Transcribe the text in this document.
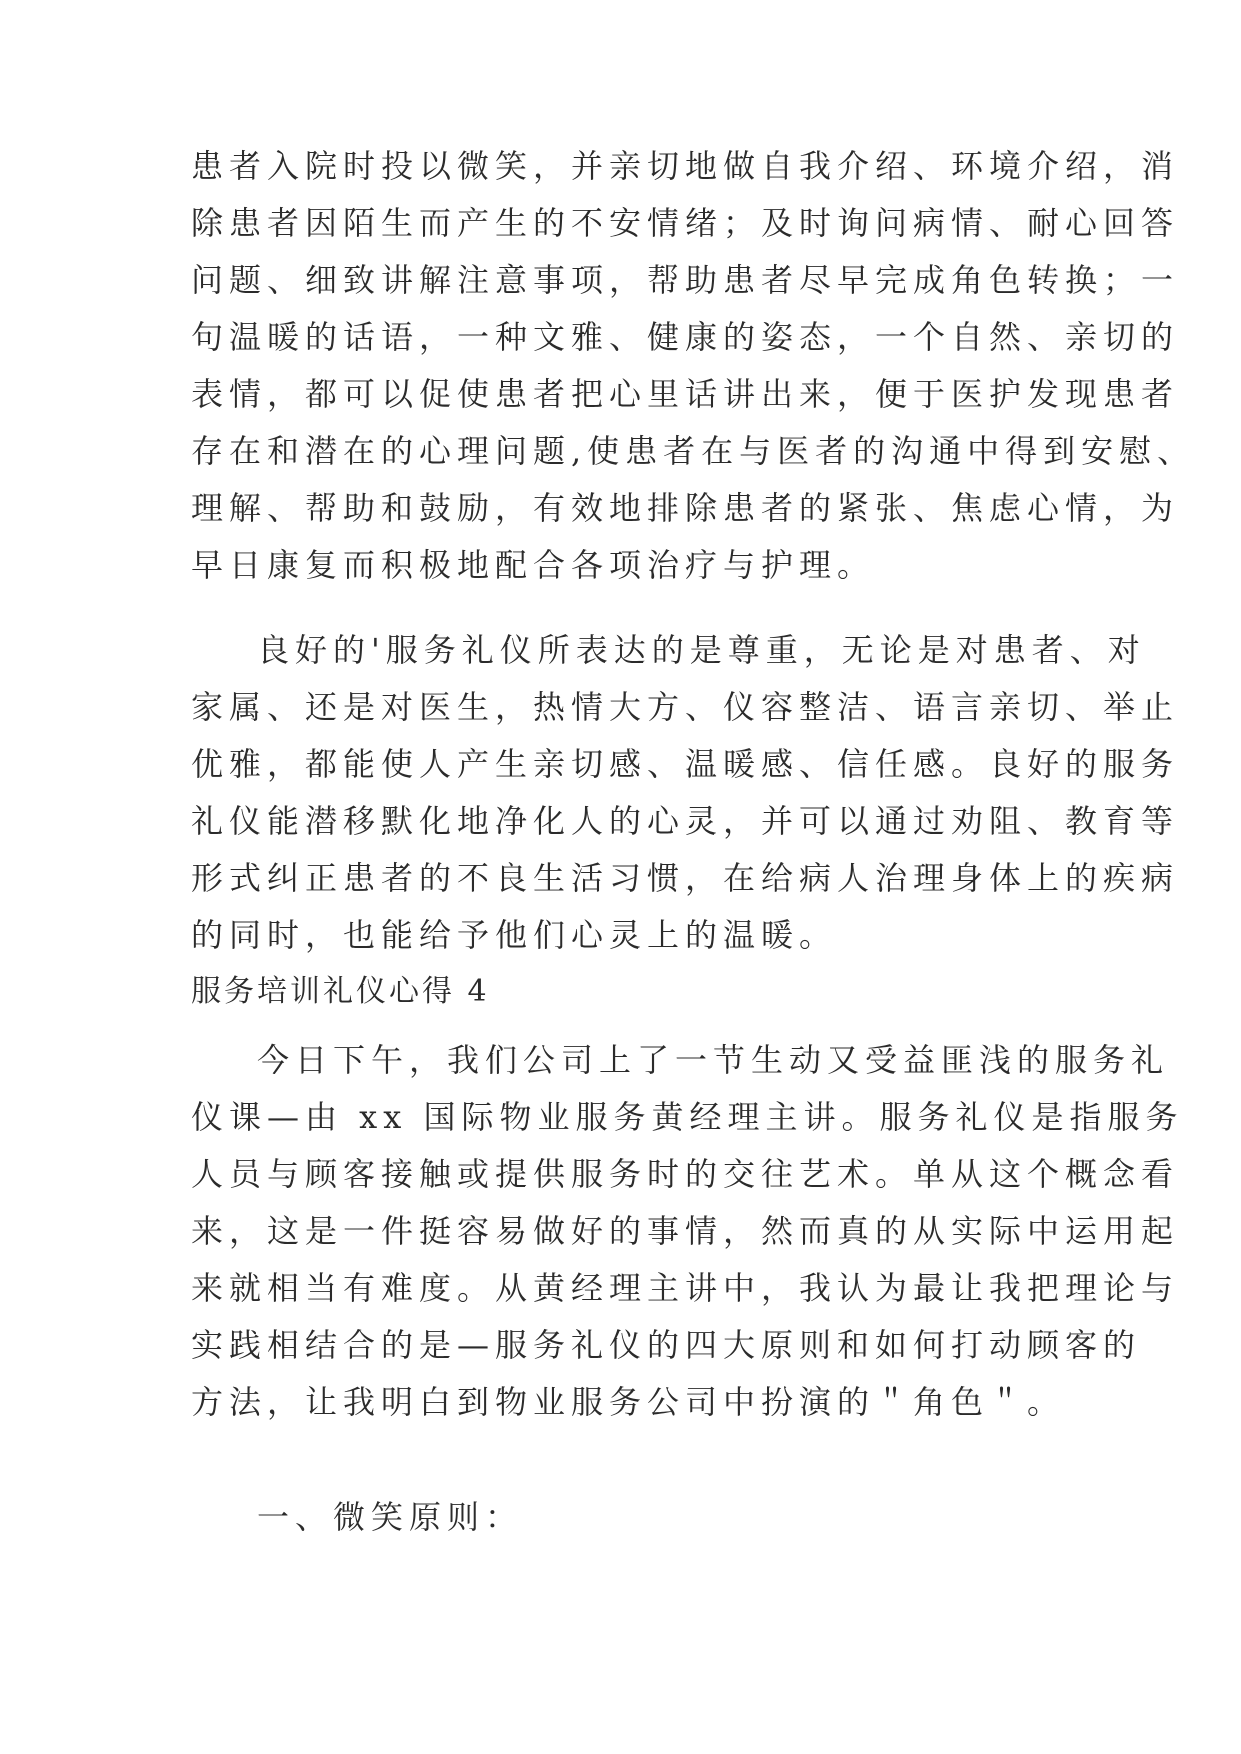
患者入院时投以微笑，并亲切地做自我介绍、环境介绍，消
除患者因陌生而产生的不安情绪；及时询问病情、耐心回答
问题、细致讲解注意事项，帮助患者尽早完成角色转换；一
句温暖的话语，一种文雅、健康的姿态，一个自然、亲切的
表情，都可以促使患者把心里话讲出来，便于医护发现患者
存在和潜在的心理问题,使患者在与医者的沟通中得到安慰、
理解、帮助和鼓励，有效地排除患者的紧张、焦虑心情，为
早日康复而积极地配合各项治疗与护理。
良好的'服务礼仪所表达的是尊重，无论是对患者、对
家属、还是对医生，热情大方、仪容整洁、语言亲切、举止
优雅，都能使人产生亲切感、温暖感、信任感。良好的服务
礼仪能潜移默化地净化人的心灵，并可以通过劝阻、教育等
形式纠正患者的不良生活习惯，在给病人治理身体上的疾病
的同时，也能给予他们心灵上的温暖。
服务培训礼仪心得 4
今日下午，我们公司上了一节生动又受益匪浅的服务礼
仪课—由 xx 国际物业服务黄经理主讲。服务礼仪是指服务
人员与顾客接触或提供服务时的交往艺术。单从这个概念看
来，这是一件挺容易做好的事情，然而真的从实际中运用起
来就相当有难度。从黄经理主讲中，我认为最让我把理论与
实践相结合的是—服务礼仪的四大原则和如何打动顾客的
方法，让我明白到物业服务公司中扮演的＂角色＂。
一、微笑原则：
